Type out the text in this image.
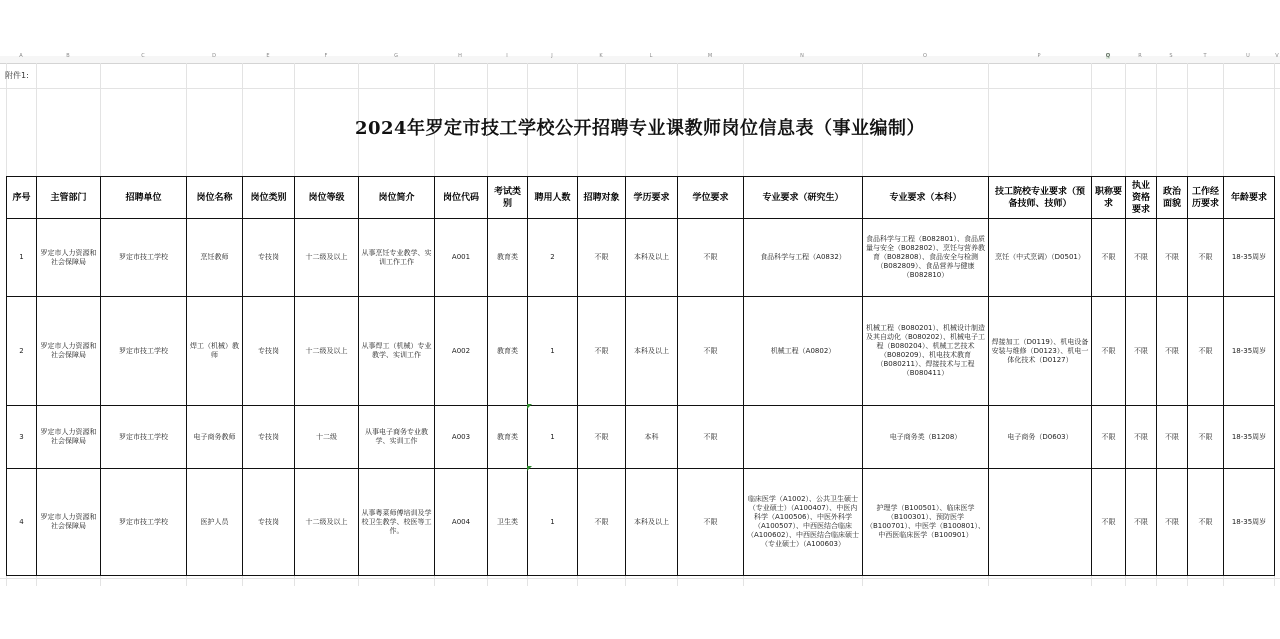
A	B	C	D	E	F	G	H	I	J	K	L	M	N	O	P	Q	R	S	T	U	V
附件1:
2024年罗定市技工学校公开招聘专业课教师岗位信息表（事业编制）
序号	主管部门	招聘单位	岗位名称	岗位类别	岗位等级	岗位简介	岗位代码	考试类别	聘用人数	招聘对象	学历要求	学位要求	专业要求（研究生）	专业要求（本科）	技工院校专业要求（预备技师、技师）	职称要求	执业资格要求	政治面貌	工作经历要求	年龄要求
1	罗定市人力资源和社会保障局	罗定市技工学校	烹饪教师	专技岗	十二级及以上	从事烹饪专业教学、实训工作工作	A001	教育类	2	不限	本科及以上	不限	食品科学与工程（A0832）	食品科学与工程（B082801）、食品质量与安全（B082802）、烹饪与营养教育（B082808）、食品安全与检测（B082809）、食品营养与健康（B082810）	烹饪（中式烹调）（D0501）	不限	不限	不限	不限	18-35周岁
2	罗定市人力资源和社会保障局	罗定市技工学校	焊工（机械）教师	专技岗	十二级及以上	从事焊工（机械）专业教学、实训工作	A002	教育类	1	不限	本科及以上	不限	机械工程（A0802）	机械工程（B080201）、机械设计制造及其自动化（B080202）、机械电子工程（B080204）、机械工艺技术（B080209）、机电技术教育（B080211）、焊接技术与工程（B080411）	焊接加工（D0119）、机电设备安装与维修（D0123）、机电一体化技术（D0127）	不限	不限	不限	不限	18-35周岁
3	罗定市人力资源和社会保障局	罗定市技工学校	电子商务教师	专技岗	十二级	从事电子商务专业教学、实训工作	A003	教育类	1	不限	本科	不限		电子商务类（B1208）	电子商务（D0603）	不限	不限	不限	不限	18-35周岁
4	罗定市人力资源和社会保障局	罗定市技工学校	医护人员	专技岗	十二级及以上	从事粤菜师傅培训及学校卫生教学、校医等工作。	A004	卫生类	1	不限	本科及以上	不限	临床医学（A1002）、公共卫生硕士（专业硕士）（A100407）、中医内科学（A100506）、中医外科学（A100507）、中西医结合临床（A100602）、中西医结合临床硕士（专业硕士）（A100603）	护理学（B100501）、临床医学（B100301）、预防医学（B100701）、中医学（B100801）、中西医临床医学（B100901）		不限	不限	不限	不限	18-35周岁
